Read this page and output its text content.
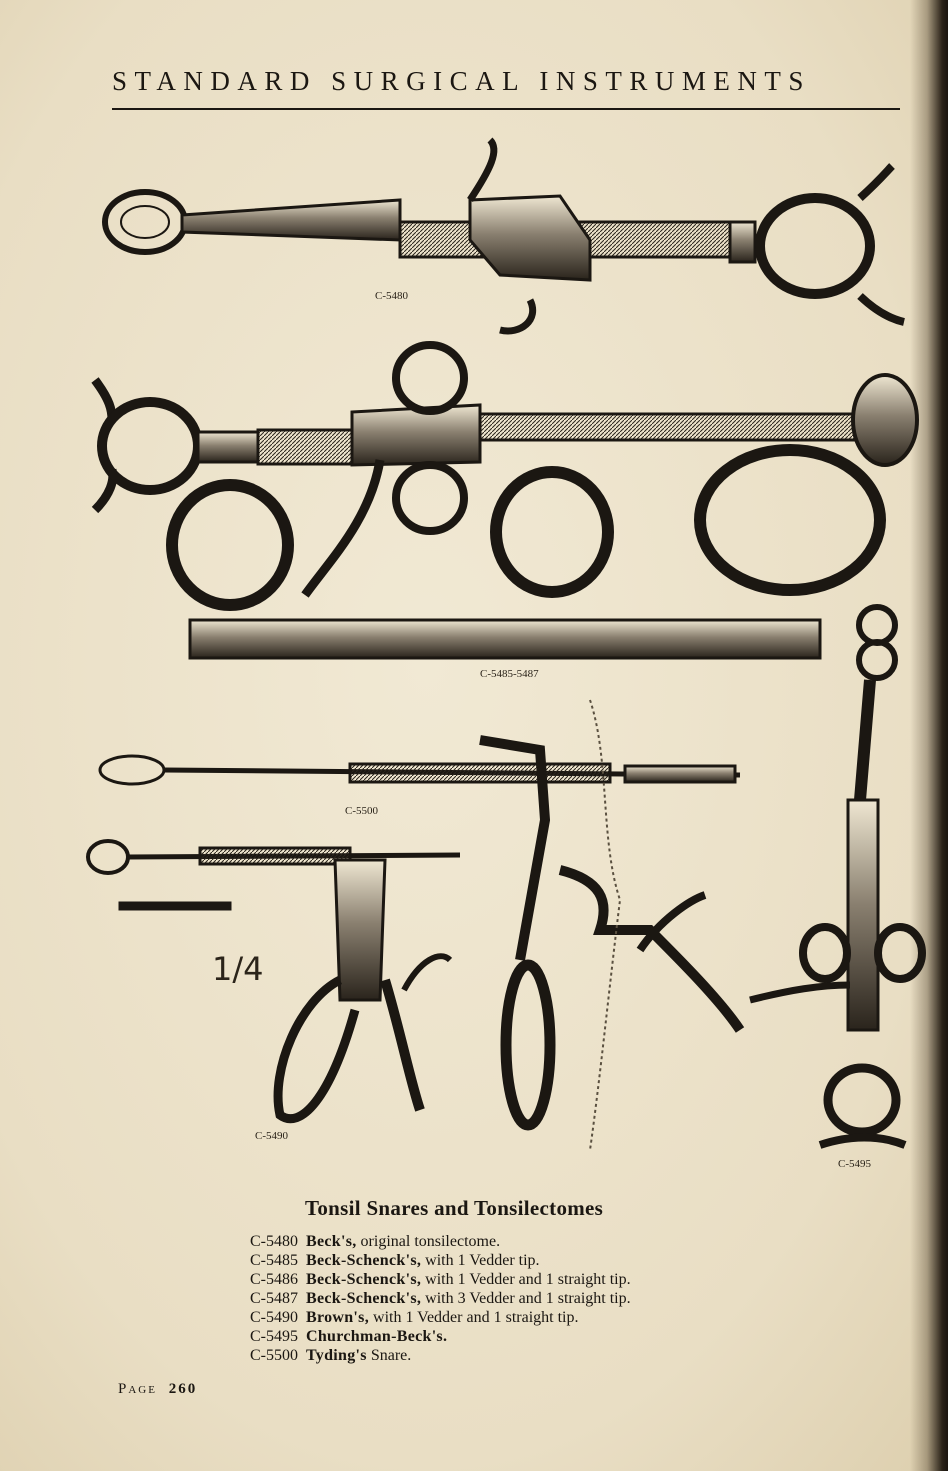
STANDARD SURGICAL INSTRUMENTS
C-5480
C-5485-5487
C-5500
C-5490
C-5495
1/4
Tonsil Snares and Tonsilectomes
C-5480 Beck's, original tonsilectome.
C-5485 Beck-Schenck's, with 1 Vedder tip.
C-5486 Beck-Schenck's, with 1 Vedder and 1 straight tip.
C-5487 Beck-Schenck's, with 3 Vedder and 1 straight tip.
C-5490 Brown's, with 1 Vedder and 1 straight tip.
C-5495 Churchman-Beck's.
C-5500 Tyding's Snare.
Page 260
